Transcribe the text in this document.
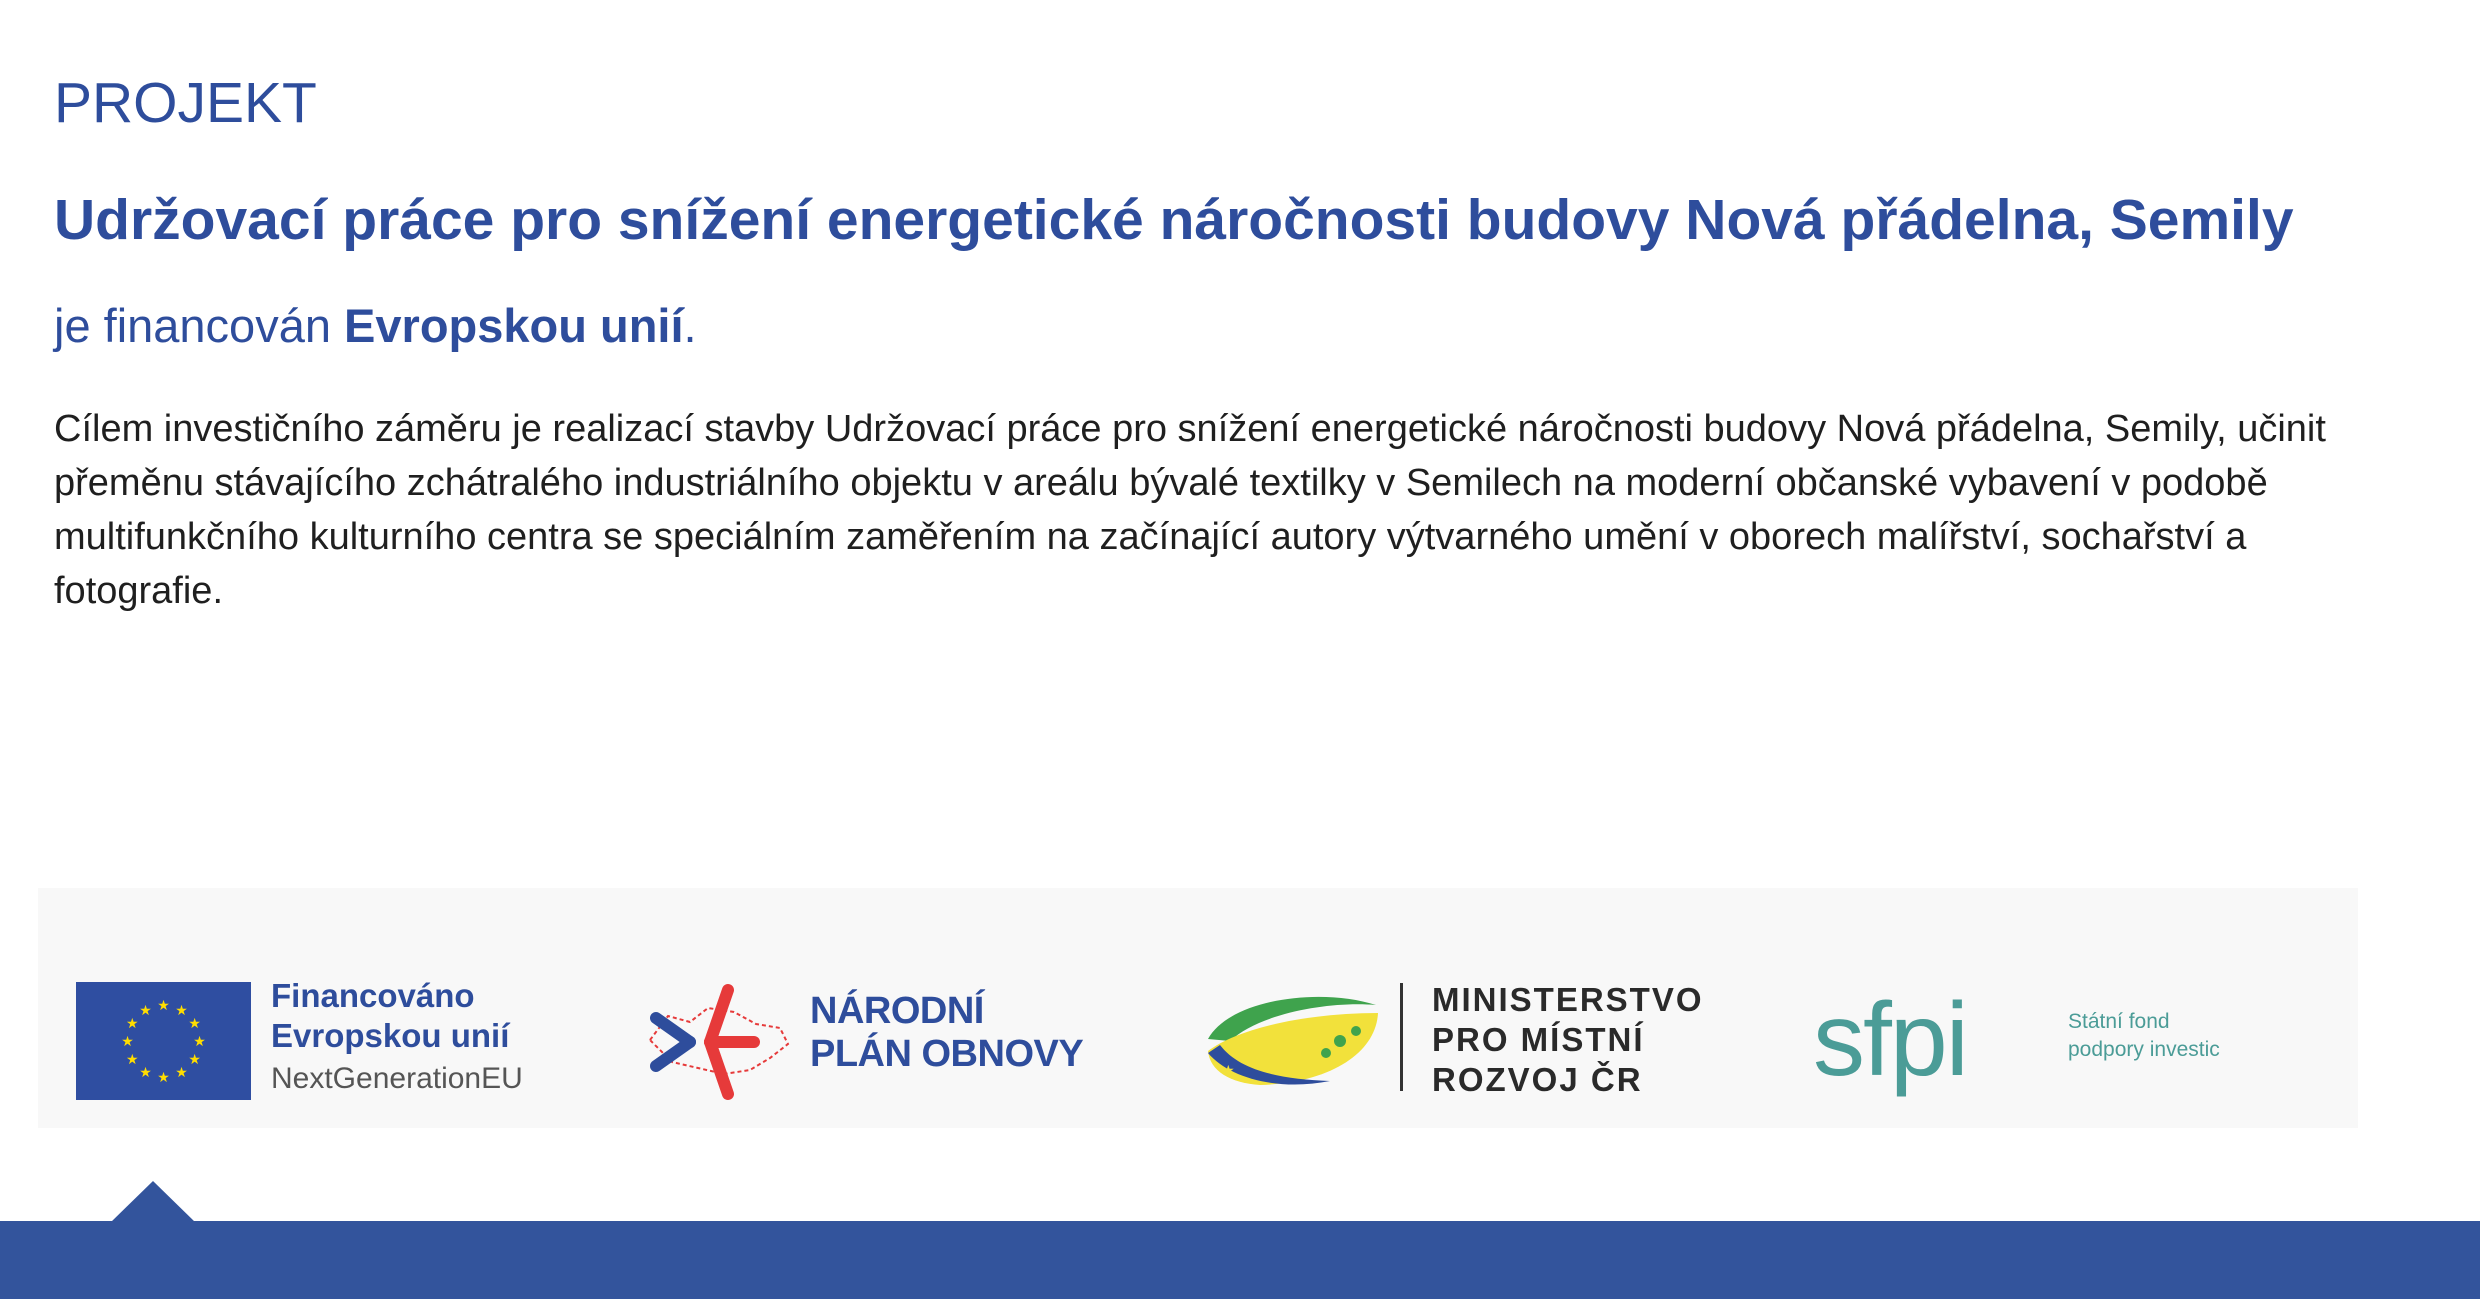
PROJEKT
Udržovací práce pro snížení energetické náročnosti budovy Nová přádelna, Semily

je financován Evropskou unií.

Cílem investičního záměru je realizací stavby Udržovací práce pro snížení energetické náročnosti budovy Nová přádelna, Semily, učinit přeměnu stávajícího zchátralého industriálního objektu v areálu bývalé textilky v Semilech na moderní občanské vybavení v podobě multifunkčního kulturního centra se speciálním zaměřením na začínající autory výtvarného umění v oborech malířství, sochařství a fotografie.

★ ★
★
★
★
★
★
★
★
★
★
★	Financováno
Evropskou unií
NextGenerationEU
NÁRODNÍ
PLÁN OBNOVY	★
★
MINISTERSTVO
PRO MÍSTNÍ
ROZVOJ ČR	sfpi	Státní fond
podpory investic
